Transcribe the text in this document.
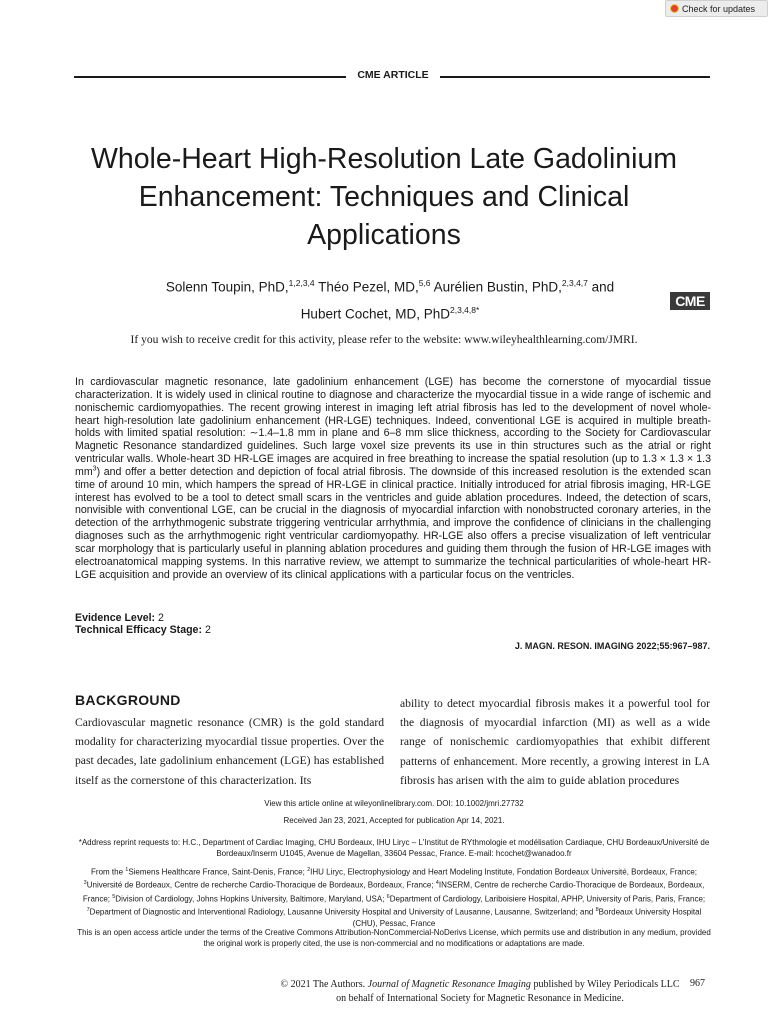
Check for updates
CME ARTICLE
Whole-Heart High-Resolution Late Gadolinium Enhancement: Techniques and Clinical Applications
Solenn Toupin, PhD,$^{1,2,3,4}$ Théo Pezel, MD,$^{5,6}$ Aurélien Bustin, PhD,$^{2,3,4,7}$ and
Hubert Cochet, MD, PhD$^{2,3,4,8*}$
CME
If you wish to receive credit for this activity, please refer to the website: www.wileyhealthlearning.com/JMRI.
In cardiovascular magnetic resonance, late gadolinium enhancement (LGE) has become the cornerstone of myocardial tissue characterization. It is widely used in clinical routine to diagnose and characterize the myocardial tissue in a wide range of ischemic and nonischemic cardiomyopathies. The recent growing interest in imaging left atrial fibrosis has led to the development of novel whole-heart high-resolution late gadolinium enhancement (HR-LGE) techniques. Indeed, conventional LGE is acquired in multiple breath-holds with limited spatial resolution: ∼1.4–1.8 mm in plane and 6–8 mm slice thickness, according to the Society for Cardiovascular Magnetic Resonance standardized guidelines. Such large voxel size prevents its use in thin structures such as the atrial or right ventricular walls. Whole-heart 3D HR-LGE images are acquired in free breathing to increase the spatial resolution (up to 1.3 × 1.3 × 1.3 $mm^3$) and offer a better detection and depiction of focal atrial fibrosis. The downside of this increased resolution is the extended scan time of around 10 min, which hampers the spread of HR-LGE in clinical practice. Initially introduced for atrial fibrosis imaging, HR-LGE interest has evolved to be a tool to detect small scars in the ventricles and guide ablation procedures. Indeed, the detection of scars, nonvisible with conventional LGE, can be crucial in the diagnosis of myocardial infarction with nonobstructed coronary arteries, in the detection of the arrhythmogenic substrate triggering ventricular arrhythmia, and improve the confidence of clinicians in the challenging diagnoses such as the arrhythmogenic right ventricular cardiomyopathy. HR-LGE also offers a precise visualization of left ventricular scar morphology that is particularly useful in planning ablation procedures and guiding them through the fusion of HR-LGE images with electroanatomical mapping systems. In this narrative review, we attempt to summarize the technical particularities of whole-heart HR-LGE acquisition and provide an overview of its clinical applications with a particular focus on the ventricles.
Evidence Level: 2
Technical Efficacy Stage: 2
J. MAGN. RESON. IMAGING 2022;55:967–987.
BACKGROUND
Cardiovascular magnetic resonance (CMR) is the gold standard modality for characterizing myocardial tissue properties. Over the past decades, late gadolinium enhancement (LGE) has established itself as the cornerstone of this characterization. Its
ability to detect myocardial fibrosis makes it a powerful tool for the diagnosis of myocardial infarction (MI) as well as a wide range of nonischemic cardiomyopathies that exhibit different patterns of enhancement. More recently, a growing interest in LA fibrosis has arisen with the aim to guide ablation procedures
View this article online at wileyonlinelibrary.com. DOI: 10.1002/jmri.27732
Received Jan 23, 2021, Accepted for publication Apr 14, 2021.
*Address reprint requests to: H.C., Department of Cardiac Imaging, CHU Bordeaux, IHU Liryc – L'Institut de RYthmologie et modélisation Cardiaque, CHU Bordeaux/Université de Bordeaux/Inserm U1045, Avenue de Magellan, 33604 Pessac, France. E-mail: hcochet@wanadoo.fr
From the $^1$Siemens Healthcare France, Saint-Denis, France; $^2$IHU Liryc, Electrophysiology and Heart Modeling Institute, Fondation Bordeaux Université, Bordeaux, France; $^3$Université de Bordeaux, Centre de recherche Cardio-Thoracique de Bordeaux, Bordeaux, France; $^4$INSERM, Centre de recherche Cardio-Thoracique de Bordeaux, Bordeaux, France; $^5$Division of Cardiology, Johns Hopkins University, Baltimore, Maryland, USA; $^6$Department of Cardiology, Lariboisiere Hospital, APHP, University of Paris, Paris, France; $^7$Department of Diagnostic and Interventional Radiology, Lausanne University Hospital and University of Lausanne, Lausanne, Switzerland; and $^8$Bordeaux University Hospital (CHU), Pessac, France
This is an open access article under the terms of the Creative Commons Attribution-NonCommercial-NoDerivs License, which permits use and distribution in any medium, provided the original work is properly cited, the use is non-commercial and no modifications or adaptations are made.
© 2021 The Authors. Journal of Magnetic Resonance Imaging published by Wiley Periodicals LLC
on behalf of International Society for Magnetic Resonance in Medicine.
967
